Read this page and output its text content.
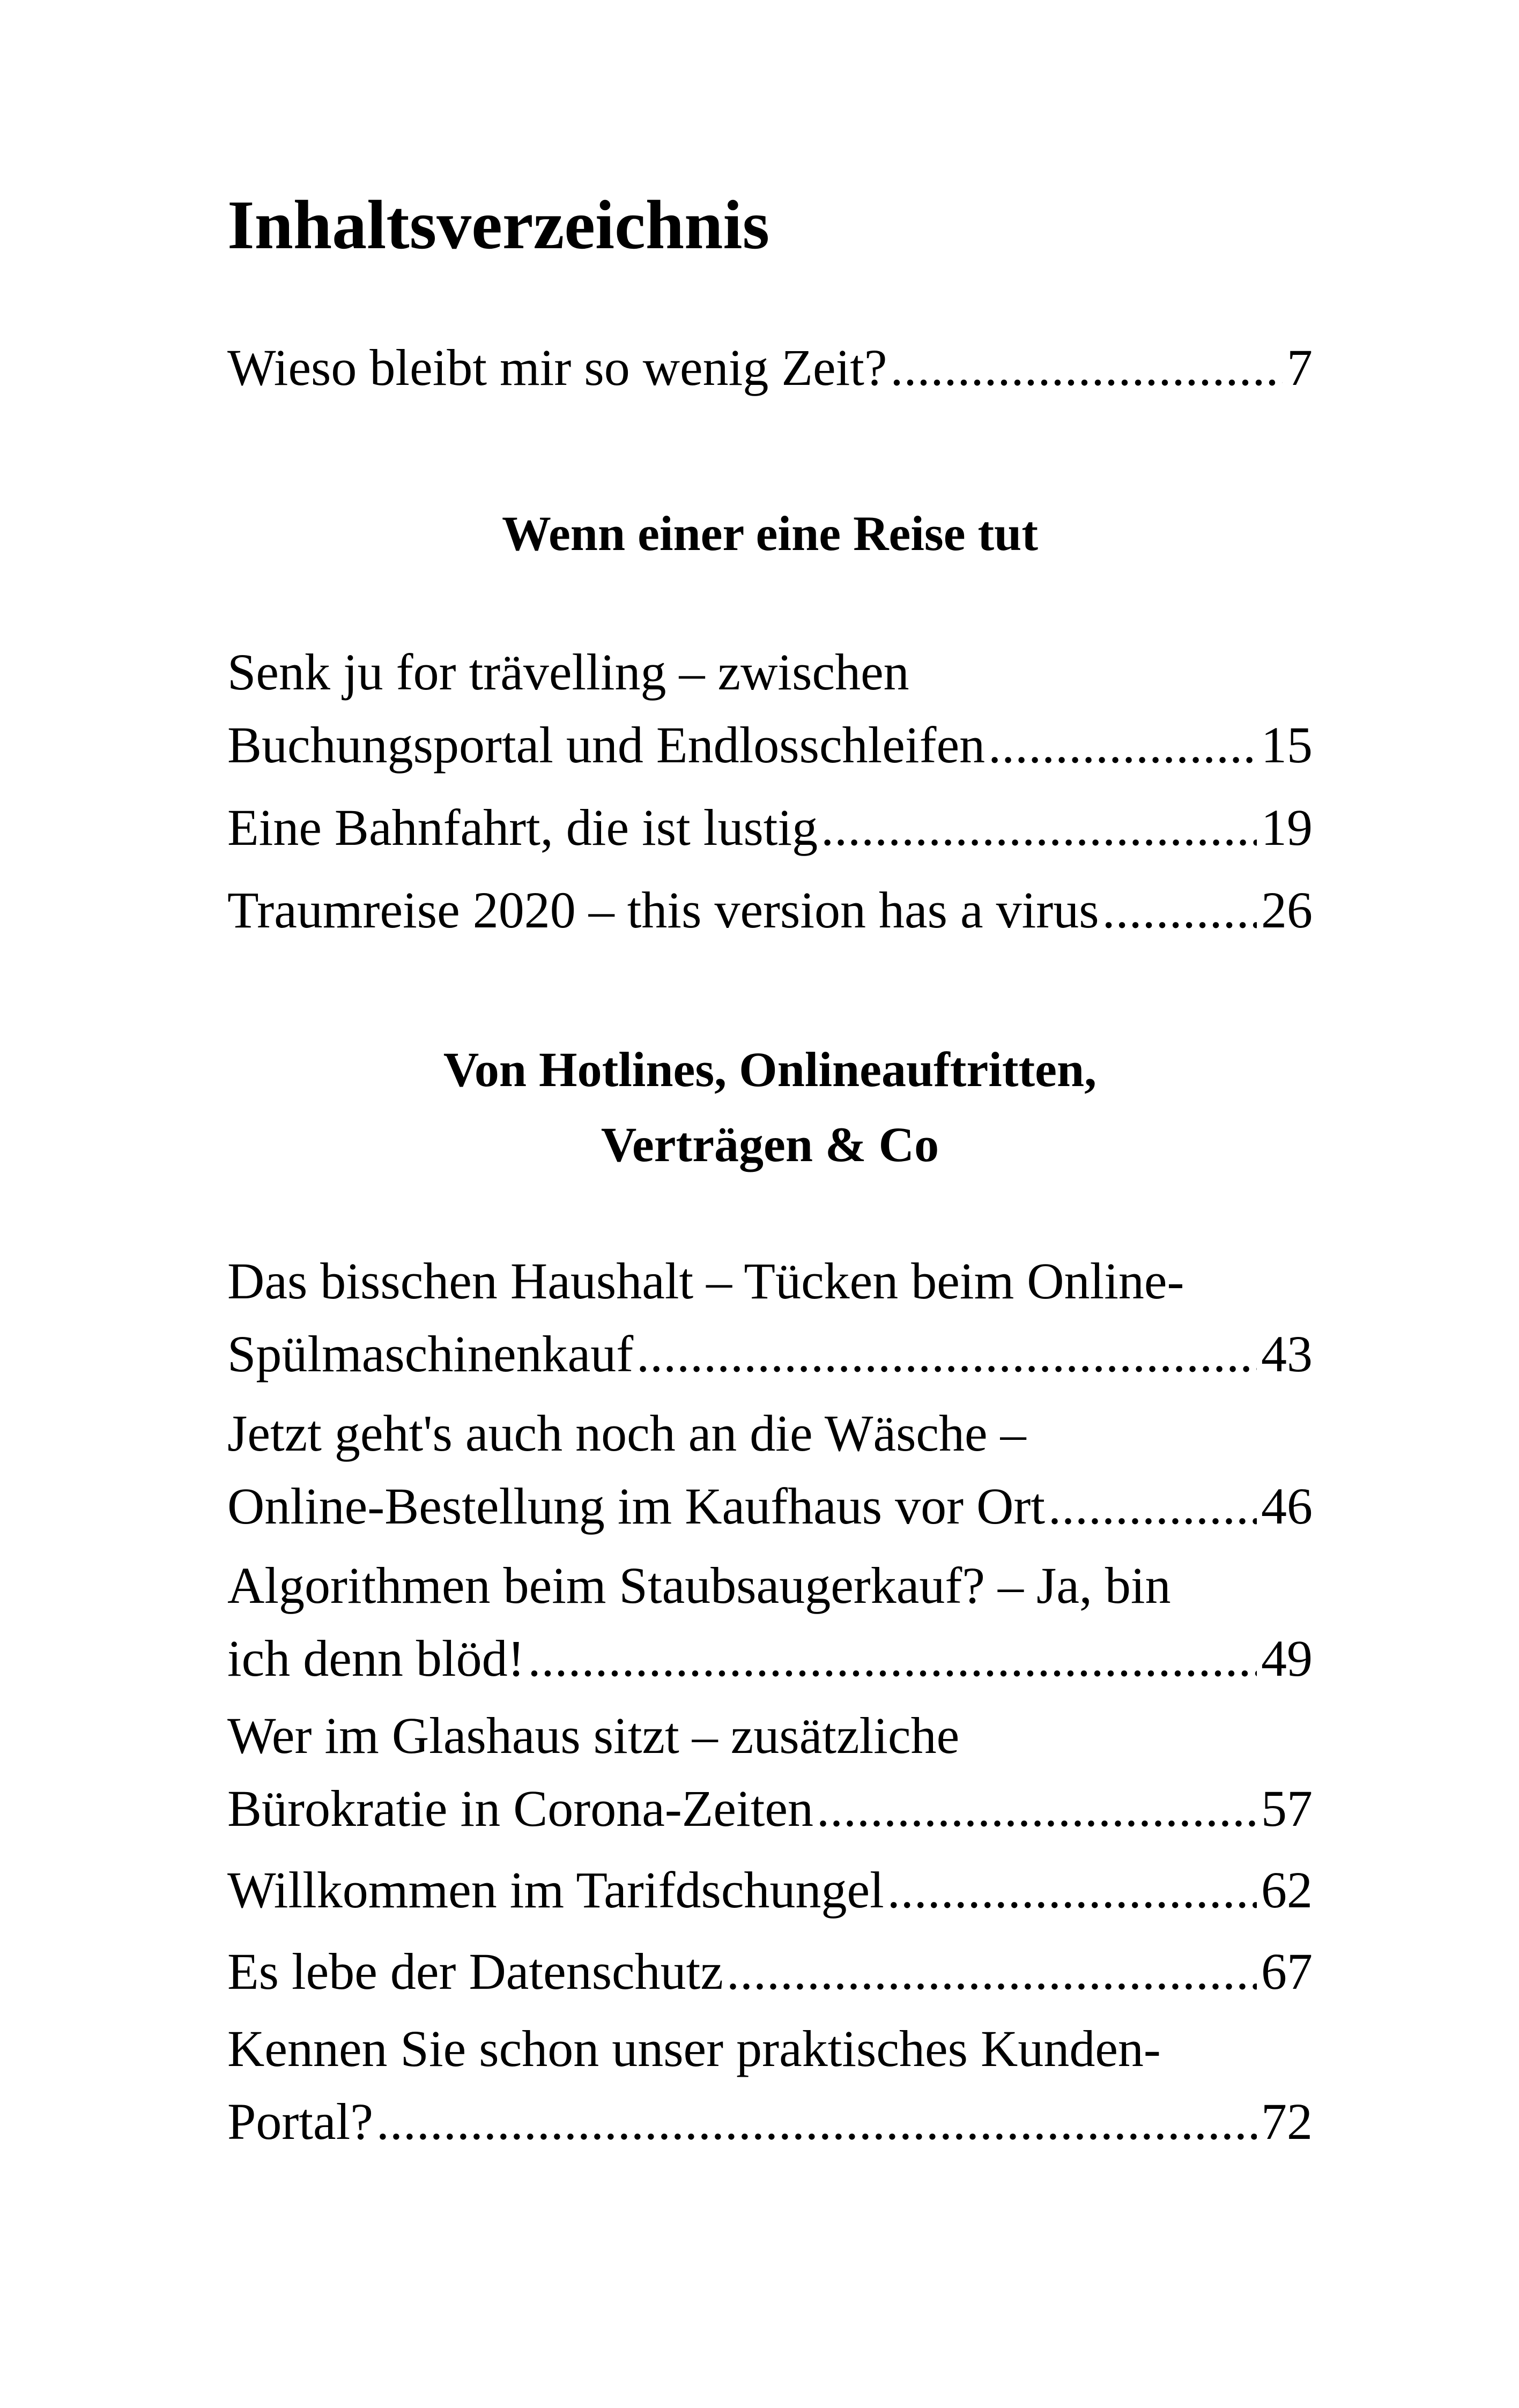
Inhaltsverzeichnis
Wieso bleibt mir so wenig Zeit? .....	7
Wenn einer eine Reise tut
Senk ju for trävelling – zwischen
Buchungsportal und Endlosschleifen .....	15
Eine Bahnfahrt, die ist lustig .....	19
Traumreise 2020 – this version has a virus .....	26
Von Hotlines, Onlineauftritten,
Verträgen & Co
Das bisschen Haushalt – Tücken beim Online-
Spülmaschinenkauf .....	43
Jetzt geht's auch noch an die Wäsche –
Online-Bestellung im Kaufhaus vor Ort .....	46
Algorithmen beim Staubsaugerkauf? – Ja, bin
ich denn blöd! .....	49
Wer im Glashaus sitzt – zusätzliche
Bürokratie in Corona-Zeiten .....	57
Willkommen im Tarifdschungel .....	62
Es lebe der Datenschutz .....	67
Kennen Sie schon unser praktisches Kunden-
Portal? .....	72
